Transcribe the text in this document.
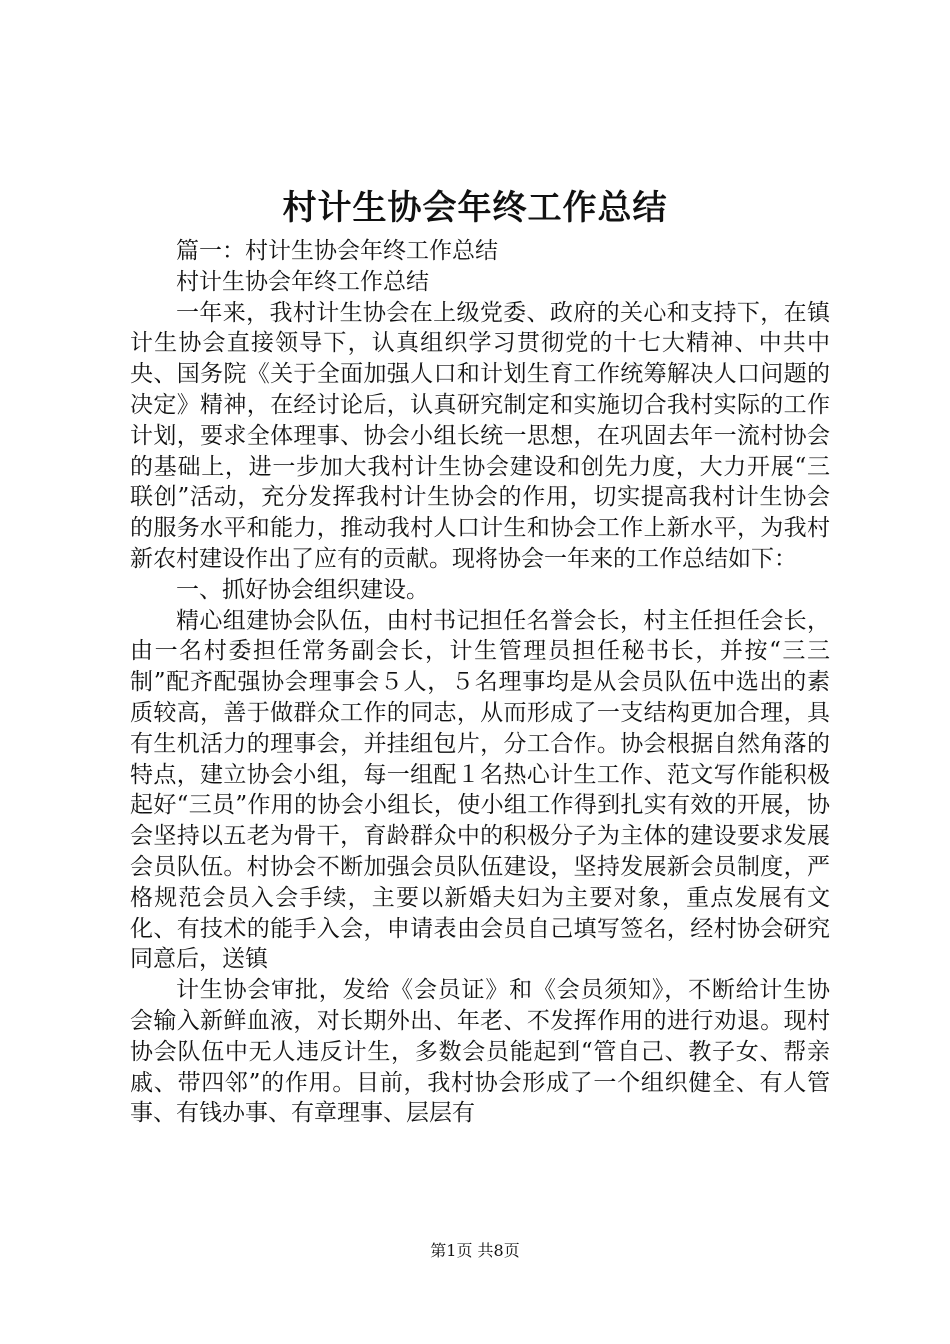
村计生协会年终工作总结

篇一：村计生协会年终工作总结

村计生协会年终工作总结

一年来，我村计生协会在上级党委、政府的关心和支持下，在镇计生协会直接领导下，认真组织学习贯彻党的十七大精神、中共中央、国务院《关于全面加强人口和计划生育工作统筹解决人口问题的决定》精神，在经讨论后，认真研究制定和实施切合我村实际的工作计划，要求全体理事、协会小组长统一思想，在巩固去年一流村协会的基础上，进一步加大我村计生协会建设和创先力度，大力开展“三联创”活动，充分发挥我村计生协会的作用，切实提高我村计生协会的服务水平和能力，推动我村人口计生和协会工作上新水平，为我村新农村建设作出了应有的贡献。现将协会一年来的工作总结如下：

一、抓好协会组织建设。

精心组建协会队伍，由村书记担任名誉会长，村主任担任会长，由一名村委担任常务副会长，计生管理员担任秘书长，并按“三三制”配齐配强协会理事会５人，５名理事均是从会员队伍中选出的素质较高，善于做群众工作的同志，从而形成了一支结构更加合理，具有生机活力的理事会，并挂组包片，分工合作。协会根据自然角落的特点，建立协会小组，每一组配１名热心计生工作、范文写作能积极起好“三员”作用的协会小组长，使小组工作得到扎实有效的开展，协会坚持以五老为骨干，育龄群众中的积极分子为主体的建设要求发展会员队伍。村协会不断加强会员队伍建设，坚持发展新会员制度，严格规范会员入会手续，主要以新婚夫妇为主要对象，重点发展有文化、有技术的能手入会，申请表由会员自己填写签名，经村协会研究同意后，送镇

计生协会审批，发给《会员证》和《会员须知》，不断给计生协会输入新鲜血液，对长期外出、年老、不发挥作用的进行劝退。现村协会队伍中无人违反计生，多数会员能起到“管自己、教子女、帮亲戚、带四邻”的作用。目前，我村协会形成了一个组织健全、有人管事、有钱办事、有章理事、层层有

第1页 共8页
